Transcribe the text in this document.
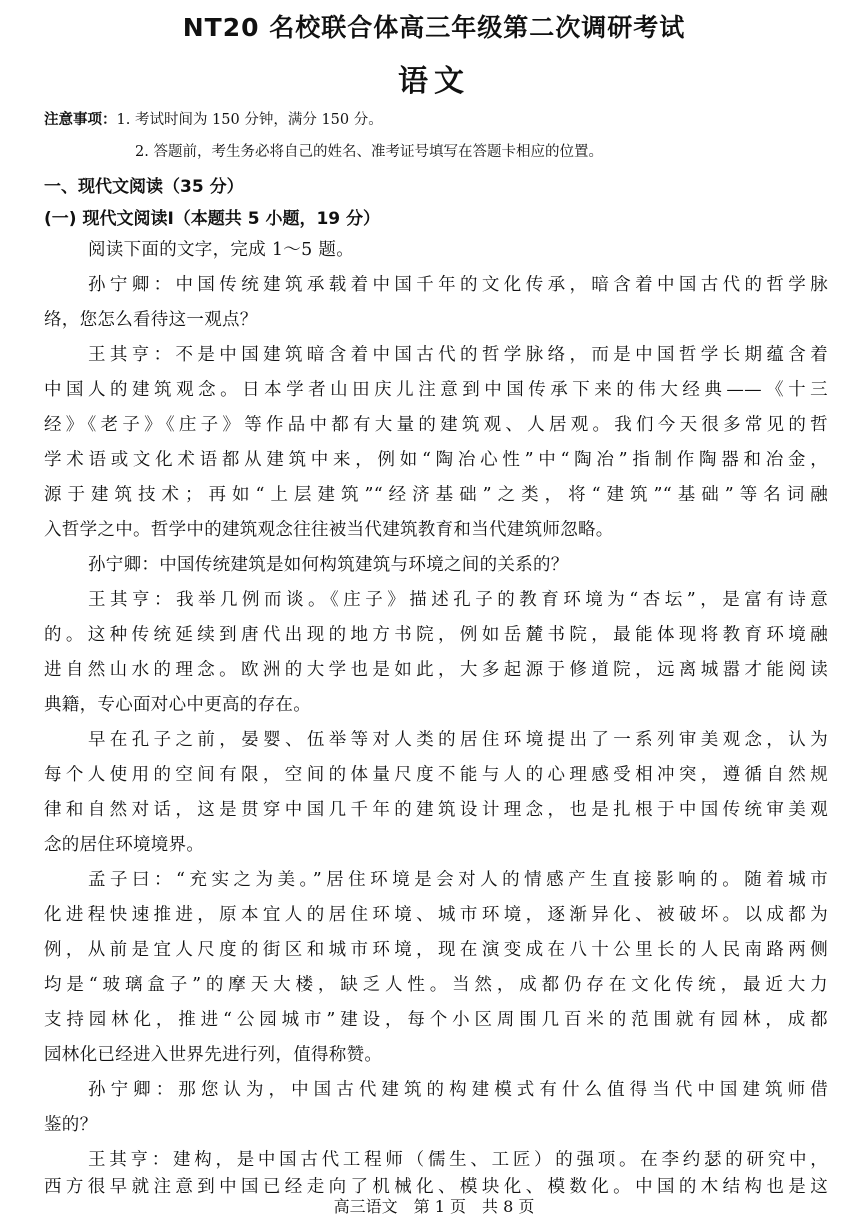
NT20 名校联合体高三年级第二次调研考试
语文
注意事项：1. 考试时间为 150 分钟，满分 150 分。
2. 答题前，考生务必将自己的姓名、准考证号填写在答题卡相应的位置。
一、现代文阅读（35 分）
(一) 现代文阅读Ⅰ（本题共 5 小题，19 分）
阅读下面的文字，完成 1～5 题。
孙宁卿：中国传统建筑承载着中国千年的文化传承，暗含着中国古代的哲学脉
络，您怎么看待这一观点？
王其亨：不是中国建筑暗含着中国古代的哲学脉络，而是中国哲学长期蕴含着
中国人的建筑观念。日本学者山田庆儿注意到中国传承下来的伟大经典——《十三
经》《老子》《庄子》等作品中都有大量的建筑观、人居观。我们今天很多常见的哲
学术语或文化术语都从建筑中来，例如“陶冶心性”中“陶冶”指制作陶器和冶金，
源于建筑技术；再如“上层建筑”“经济基础”之类，将“建筑”“基础”等名词融
入哲学之中。哲学中的建筑观念往往被当代建筑教育和当代建筑师忽略。
孙宁卿：中国传统建筑是如何构筑建筑与环境之间的关系的？
王其亨：我举几例而谈。《庄子》描述孔子的教育环境为“杏坛”，是富有诗意
的。这种传统延续到唐代出现的地方书院，例如岳麓书院，最能体现将教育环境融
进自然山水的理念。欧洲的大学也是如此，大多起源于修道院，远离城嚣才能阅读
典籍，专心面对心中更高的存在。
早在孔子之前，晏婴、伍举等对人类的居住环境提出了一系列审美观念，认为
每个人使用的空间有限，空间的体量尺度不能与人的心理感受相冲突，遵循自然规
律和自然对话，这是贯穿中国几千年的建筑设计理念，也是扎根于中国传统审美观
念的居住环境境界。
孟子曰：“充实之为美。”居住环境是会对人的情感产生直接影响的。随着城市
化进程快速推进，原本宜人的居住环境、城市环境，逐渐异化、被破坏。以成都为
例，从前是宜人尺度的街区和城市环境，现在演变成在八十公里长的人民南路两侧
均是“玻璃盒子”的摩天大楼，缺乏人性。当然，成都仍存在文化传统，最近大力
支持园林化，推进“公园城市”建设，每个小区周围几百米的范围就有园林，成都
园林化已经进入世界先进行列，值得称赞。
孙宁卿：那您认为，中国古代建筑的构建模式有什么值得当代中国建筑师借
鉴的？
王其亨：建构，是中国古代工程师（儒生、工匠）的强项。在李约瑟的研究中，
西方很早就注意到中国已经走向了机械化、模块化、模数化。中国的木结构也是这
高三语文　第 1 页　共 8 页
